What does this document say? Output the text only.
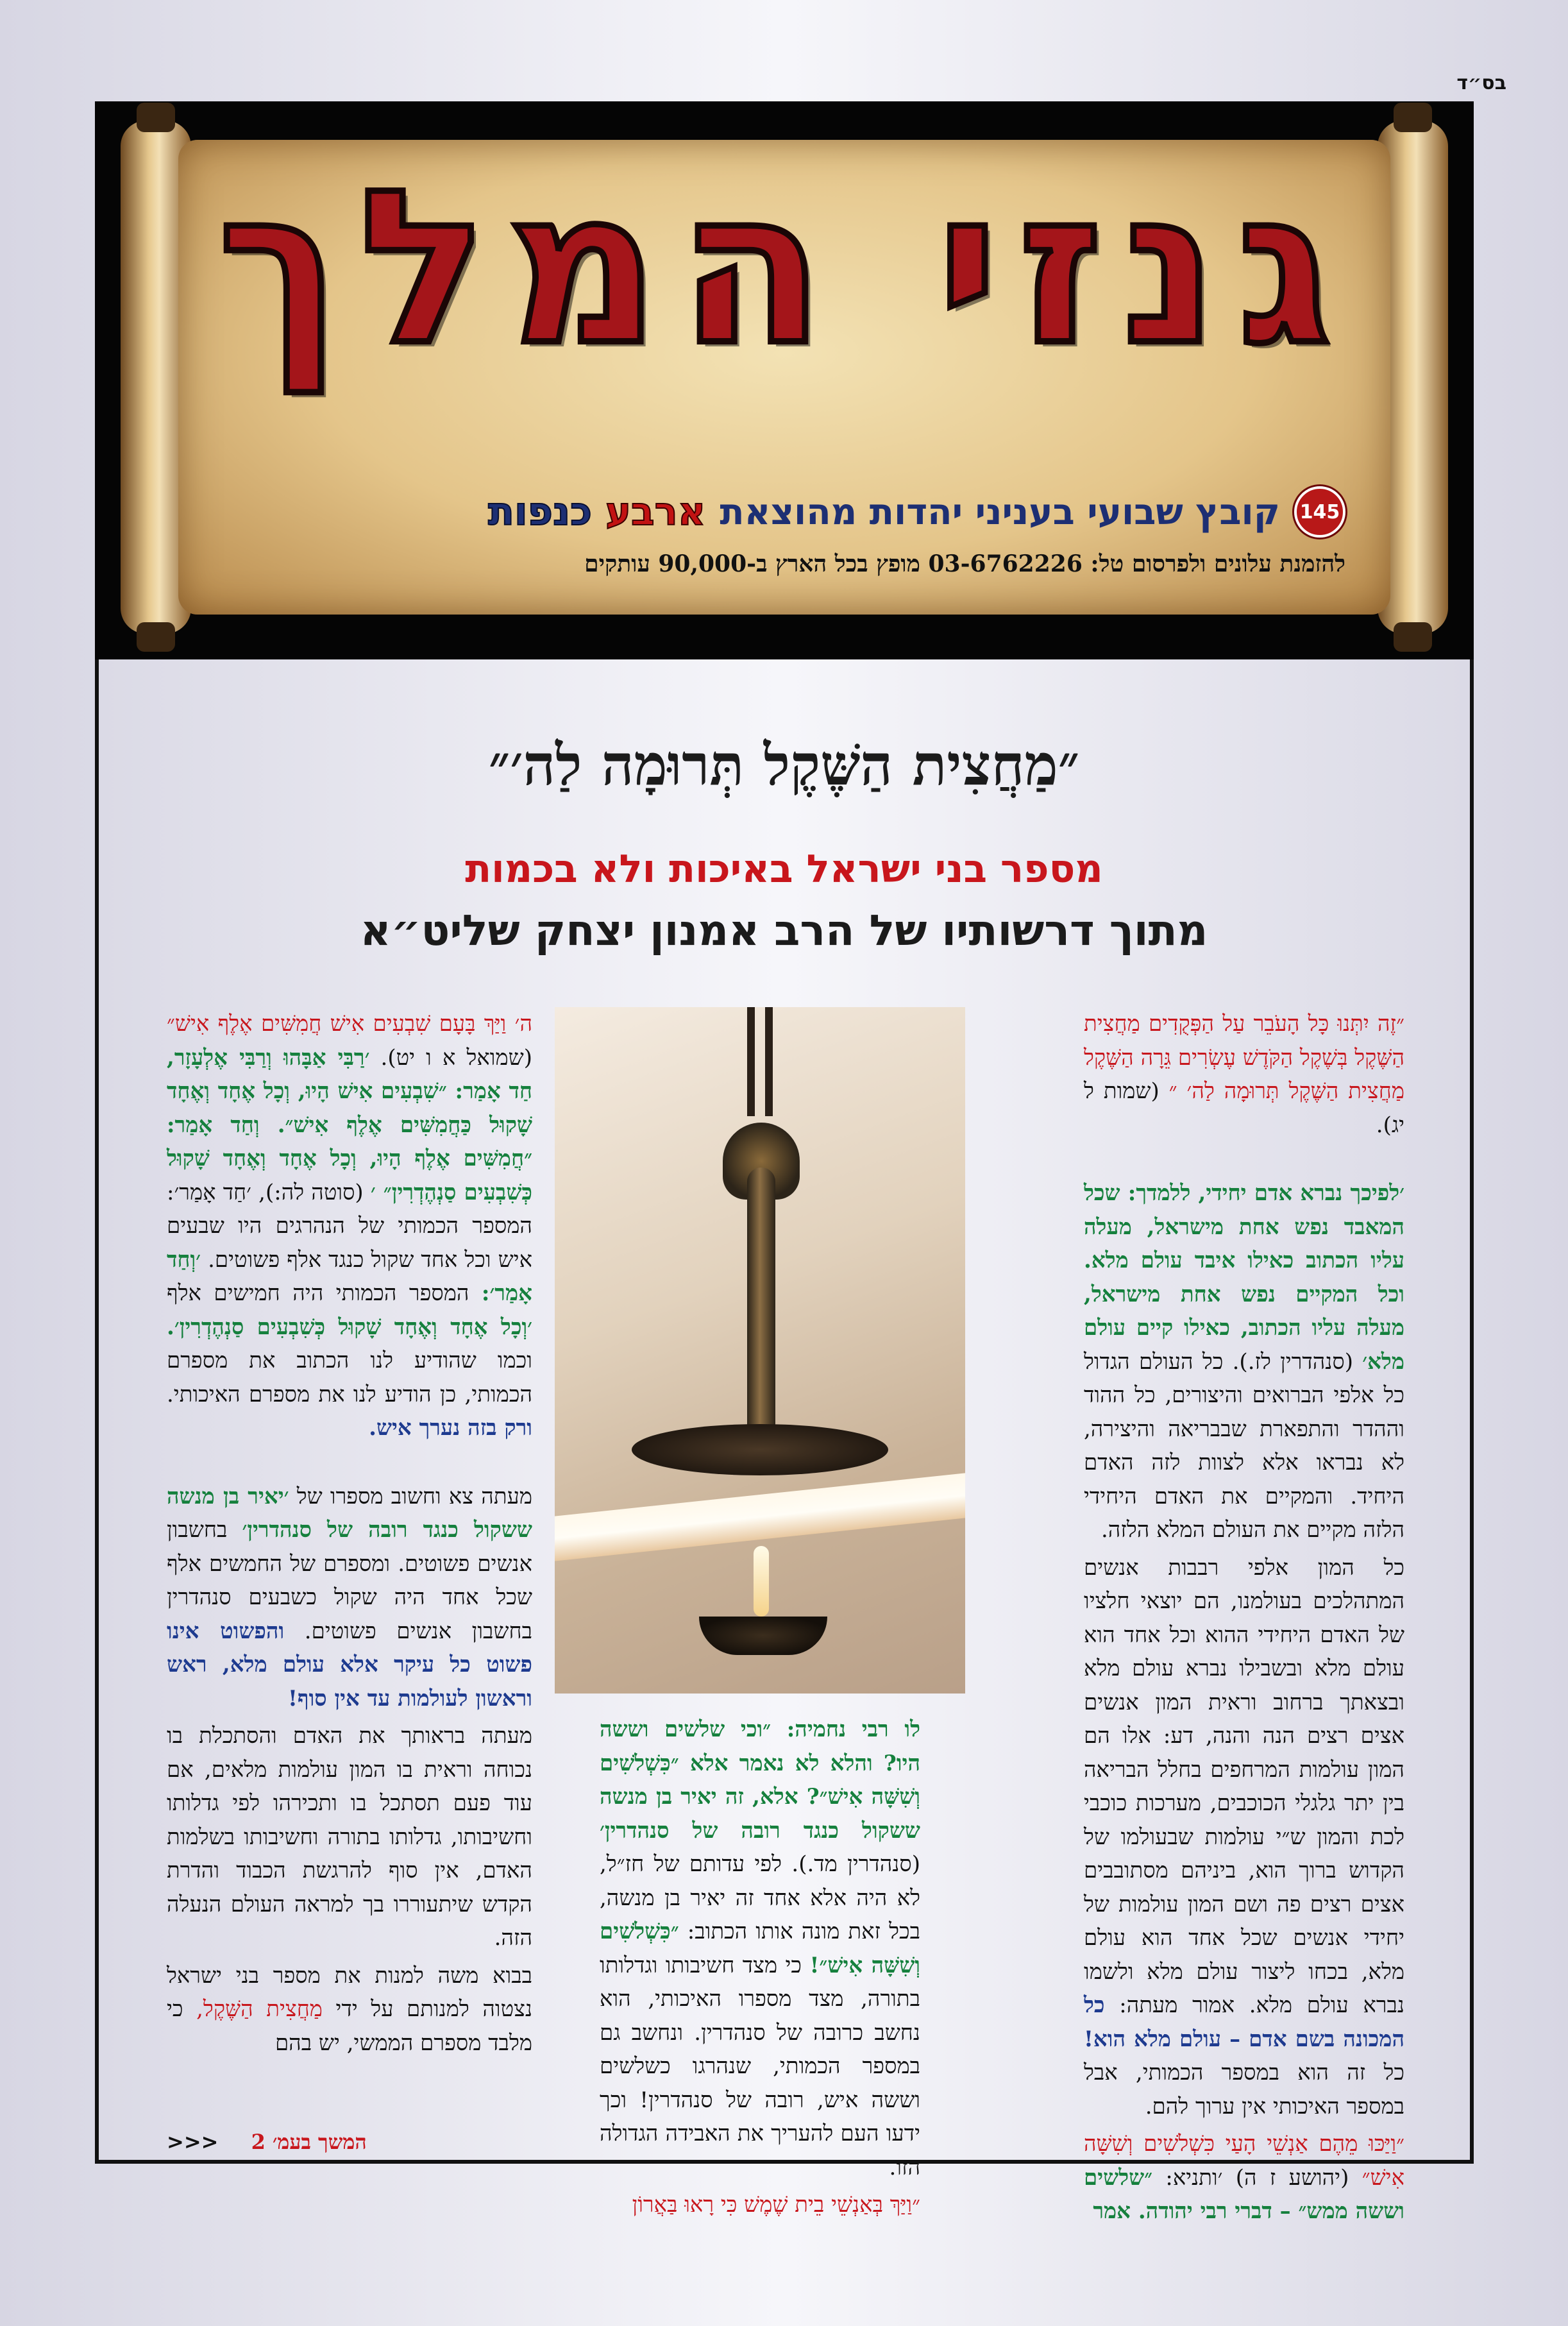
בס״ד
גנזי המלך
145
קובץ שבועי בעניני יהדות מהוצאת
ארבע כנפות
להזמנת עלונים ולפרסום טל: 03-6762226 מופץ בכל הארץ ב-90,000 עותקים
״מַחֲצִית הַשֶּׁקֶל תְּרוּמָה לַה׳״
מספר בני ישראל באיכות ולא בכמות
מתוך דרשותיו של הרב אמנון יצחק שליט״א

״זֶה יִתְּנוּ כָּל הָעֹבֵר עַל הַפְּקֻדִים מַחֲצִית הַשֶּׁקֶל בְּשֶׁקֶל הַקֹּדֶשׁ עֶשְׂרִים גֵּרָה הַשֶּׁקֶל מַחֲצִית הַשֶּׁקֶל תְּרוּמָה לַה׳ ״ (שמות ל יג).

׳לפיכך נברא אדם יחידי, ללמדך: שכל המאבד נפש אחת מישראל, מעלה עליו הכתוב כאילו איבד עולם מלא. וכל המקיים נפש אחת מישראל, מעלה עליו הכתוב, כאילו קיים עולם מלא׳ (סנהדרין לז.). כל העולם הגדול כל אלפי הברואים והיצורים, כל ההוד וההדר והתפארת שבבריאה והיצירה, לא נבראו אלא לצוות לזה האדם היחיד. והמקיים את האדם היחידי הלזה מקיים את העולם המלא הלזה.

כל המון אלפי רבבות אנשים המתהלכים בעולמנו, הם יוצאי חלציו של האדם היחידי ההוא וכל אחד הוא עולם מלא ובשבילו נברא עולם מלא ובצאתך ברחוב וראית המון אנשים אצים רצים הנה והנה, דע: אלו הם המון עולמות המרחפים בחלל הבריאה בין יתר גלגלי הכוכבים, מערכות כוכבי לכת והמון ש״י עולמות שבעולמו של הקדוש ברוך הוא, ביניהם מסתובבים אצים רצים פה ושם המון עולמות של יחידי אנשים שכל אחד הוא עולם מלא, בכחו ליצור עולם מלא ולשמו נברא עולם מלא. אמור מעתה: כל המכונה בשם אדם – עולם מלא הוא! כל זה הוא במספר הכמותי, אבל במספר האיכותי אין ערוך להם.

״וַיַּכּוּ מֵהֶם אַנְשֵׁי הָעַי כִּשְׁלֹשִׁים וְשִׁשָּׁה אִישׁ״ (יהושע ז ה) ׳ותניא: ״שלשים וששה ממש״ – דברי רבי יהודה. אמר

לו רבי נחמיה: ״וכי שלשים וששה היו? והלא לא נאמר אלא ״כִּשְׁלֹשִׁים וְשִׁשָּׁה אִישׁ״? אלא, זה יאיר בן מנשה ששקול כנגד רובה של סנהדרין׳ (סנהדרין מד.). לפי עדותם של חז״ל, לא היה אלא אחד זה יאיר בן מנשה, בכל זאת מונה אותו הכתוב: ״כִּשְׁלֹשִׁים וְשִׁשָּׁה אִישׁ״! כי מצד חשיבותו וגדלותו בתורה, מצד מספרו האיכותי, הוא נחשב כרובה של סנהדרין. ונחשב גם במספר הכמותי, שנהרגו כשלשים וששה איש, רובה של סנהדרין! וכך ידעו העם להעריך את האבידה הגדולה הזו.

״וַיַּךְ בְּאַנְשֵׁי בֵית שֶׁמֶשׁ כִּי רָאוּ בַּאֲרוֹן

ה׳ וַיַּךְ בָּעָם שִׁבְעִים אִישׁ חֲמִשִּׁים אֶלֶף אִישׁ״ (שמואל א ו יט). ׳רַבִּי אַבָּהוּ וְרַבִּי אֶלְעָזָר, חַד אָמַר: ״שִׁבְעִים אִישׁ הָיוּ, וְכָל אֶחָד וְאֶחָד שָׁקוּל כַּחֲמִשִּׁים אֶלֶף אִישׁ״. וְחַד אָמַר: ״חֲמִשִּׁים אֶלֶף הָיוּ, וְכָל אֶחָד וְאֶחָד שָׁקוּל כְּשִׁבְעִים סַנְהֶדְרִין״ ׳ (סוטה לה:), ׳חַד אָמַר׳: המספר הכמותי של הנהרגים היו שבעים איש וכל אחד שקול כנגד אלף פשוטים. ׳וְחַד אָמַר׳: המספר הכמותי היה חמישים אלף ׳וְכָל אֶחָד וְאֶחָד שָׁקוּל כְּשִׁבְעִים סַנְהֶדְרִין׳. וכמו שהודיע לנו הכתוב את מספרם הכמותי, כן הודיע לנו את מספרם האיכותי. ורק בזה נערך איש.

מעתה צא וחשוב מספרו של ׳יאיר בן מנשה ששקול כנגד רובה של סנהדרין׳ בחשבון אנשים פשוטים. ומספרם של החמשים אלף שכל אחד היה שקול כשבעים סנהדרין בחשבון אנשים פשוטים. והפשוט אינו פשוט כל עיקר אלא עולם מלא, ראש וראשון לעולמות עד אין סוף!

מעתה בראותך את האדם והסתכלת בו נכוחה וראית בו המון עולמות מלאים, אם עוד פעם תסתכל בו ותכירהו לפי גדלותו וחשיבותו, גדלותו בתורה וחשיבותו בשלמות האדם, אין סוף להרגשת הכבוד והדרת הקדש שיתעוררו בך למראה העולם הנעלה הזה.

בבוא משה למנות את מספר בני ישראל נצטוה למנותם על ידי מַחֲצִית הַשֶּׁקֶל, כי מלבד מספרם הממשי, יש בהם

המשך בעמ׳ 2 <<<
